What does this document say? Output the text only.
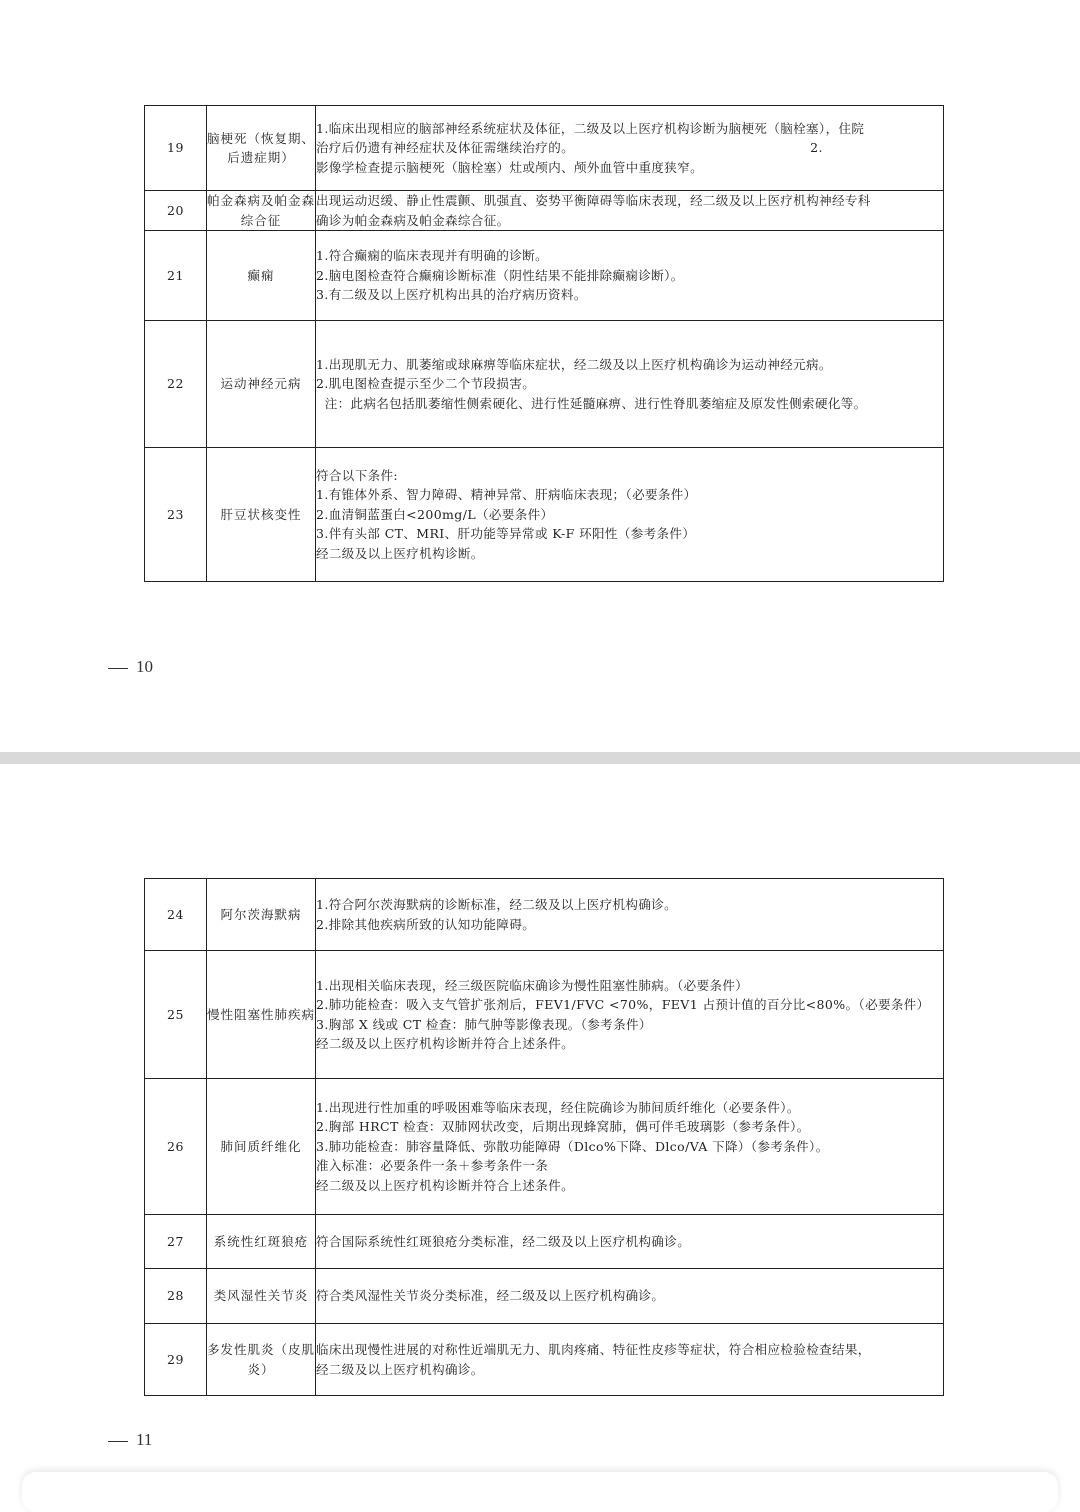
19	脑梗死（恢复期、后遗症期）	1.临床出现相应的脑部神经系统症状及体征，二级及以上医疗机构诊断为脑梗死（脑栓塞），住院
治疗后仍遗有神经症状及体征需继续治疗的。                                                      2.
影像学检查提示脑梗死（脑栓塞）灶或颅内、颅外血管中重度狭窄。

20	帕金森病及帕金森综合征	出现运动迟缓、静止性震颤、肌强直、姿势平衡障碍等临床表现，经二级及以上医疗机构神经专科
确诊为帕金森病及帕金森综合征。

21	癫痫	1.符合癫痫的临床表现并有明确的诊断。
2.脑电图检查符合癫痫诊断标准（阴性结果不能排除癫痫诊断）。
3.有二级及以上医疗机构出具的治疗病历资料。

22	运动神经元病	1.出现肌无力、肌萎缩或球麻痹等临床症状，经二级及以上医疗机构确诊为运动神经元病。
2.肌电图检查提示至少二个节段损害。
注：此病名包括肌萎缩性侧索硬化、进行性延髓麻痹、进行性脊肌萎缩症及原发性侧索硬化等。

23	肝豆状核变性	符合以下条件:
1.有锥体外系、智力障碍、精神异常、肝病临床表现；（必要条件）
2.血清铜蓝蛋白<200mg/L（必要条件）
3.伴有头部 CT、MRI、肝功能等异常或 K-F 环阳性（参考条件）
经二级及以上医疗机构诊断。
10
24	阿尔茨海默病	1.符合阿尔茨海默病的诊断标准，经二级及以上医疗机构确诊。
2.排除其他疾病所致的认知功能障碍。

25	慢性阻塞性肺疾病	1.出现相关临床表现，经三级医院临床确诊为慢性阻塞性肺病。（必要条件）
2.肺功能检查：吸入支气管扩张剂后，FEV1/FVC <70%，FEV1 占预计值的百分比<80%。（必要条件）
3.胸部 X 线或 CT 检查：肺气肿等影像表现。（参考条件）
经二级及以上医疗机构诊断并符合上述条件。

26	肺间质纤维化	1.出现进行性加重的呼吸困难等临床表现，经住院确诊为肺间质纤维化（必要条件）。
2.胸部 HRCT 检查：双肺网状改变，后期出现蜂窝肺，偶可伴毛玻璃影（参考条件）。
3.肺功能检查：肺容量降低、弥散功能障碍（Dlco%下降、Dlco/VA 下降）（参考条件）。
准入标准：必要条件一条＋参考条件一条
经二级及以上医疗机构诊断并符合上述条件。

27	系统性红斑狼疮	符合国际系统性红斑狼疮分类标准，经二级及以上医疗机构确诊。

28	类风湿性关节炎	符合类风湿性关节炎分类标准，经二级及以上医疗机构确诊。

29	多发性肌炎（皮肌炎）	临床出现慢性进展的对称性近端肌无力、肌肉疼痛、特征性皮疹等症状，符合相应检验检查结果，
经二级及以上医疗机构确诊。
11
